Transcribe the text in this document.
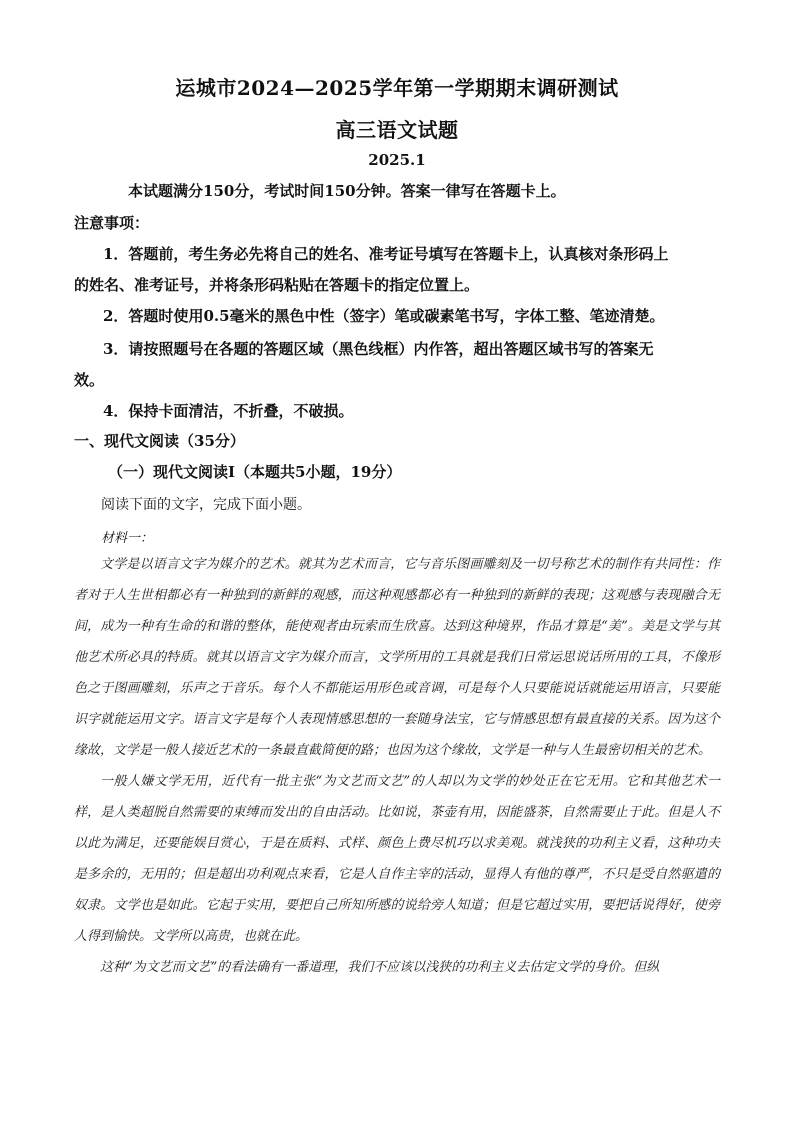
运城市2024—2025学年第一学期期末调研测试
高三语文试题
2025.1
本试题满分150分，考试时间150分钟。答案一律写在答题卡上。
注意事项：
1．答题前，考生务必先将自己的姓名、准考证号填写在答题卡上，认真核对条形码上
的姓名、准考证号，并将条形码粘贴在答题卡的指定位置上。
2．答题时使用0.5毫米的黑色中性（签字）笔或碳素笔书写，字体工整、笔迹清楚。
3．请按照题号在各题的答题区域（黑色线框）内作答，超出答题区域书写的答案无
效。
4．保持卡面清洁，不折叠，不破损。
一、现代文阅读（35分）
（一）现代文阅读Ⅰ（本题共5小题，19分）
阅读下面的文字，完成下面小题。
材料一：

文学是以语言文字为媒介的艺术。就其为艺术而言，它与音乐图画雕刻及一切号称艺术的制作有共同性：作者对于人生世相都必有一种独到的新鲜的观感，而这种观感都必有一种独到的新鲜的表现；这观感与表现融合无间，成为一种有生命的和谐的整体，能使观者由玩索而生欣喜。达到这种境界，作品才算是“美”。美是文学与其他艺术所必具的特质。就其以语言文字为媒介而言，文学所用的工具就是我们日常运思说话所用的工具，不像形色之于图画雕刻，乐声之于音乐。每个人不都能运用形色或音调，可是每个人只要能说话就能运用语言，只要能识字就能运用文字。语言文字是每个人表现情感思想的一套随身法宝，它与情感思想有最直接的关系。因为这个缘故，文学是一般人接近艺术的一条最直截简便的路；也因为这个缘故，文学是一种与人生最密切相关的艺术。

一般人嫌文学无用，近代有一批主张“为文艺而文艺”的人却以为文学的妙处正在它无用。它和其他艺术一样，是人类超脱自然需要的束缚而发出的自由活动。比如说，茶壶有用，因能盛茶，自然需要止于此。但是人不以此为满足，还要能娱目赏心，于是在质料、式样、颜色上费尽机巧以求美观。就浅狭的功利主义看，这种功夫是多余的，无用的；但是超出功利观点来看，它是人自作主宰的活动，显得人有他的尊严，不只是受自然驱遣的奴隶。文学也是如此。它起于实用，要把自己所知所感的说给旁人知道；但是它超过实用，要把话说得好，使旁人得到愉快。文学所以高贵，也就在此。

这种“为文艺而文艺”的看法确有一番道理，我们不应该以浅狭的功利主义去估定文学的身价。但纵
